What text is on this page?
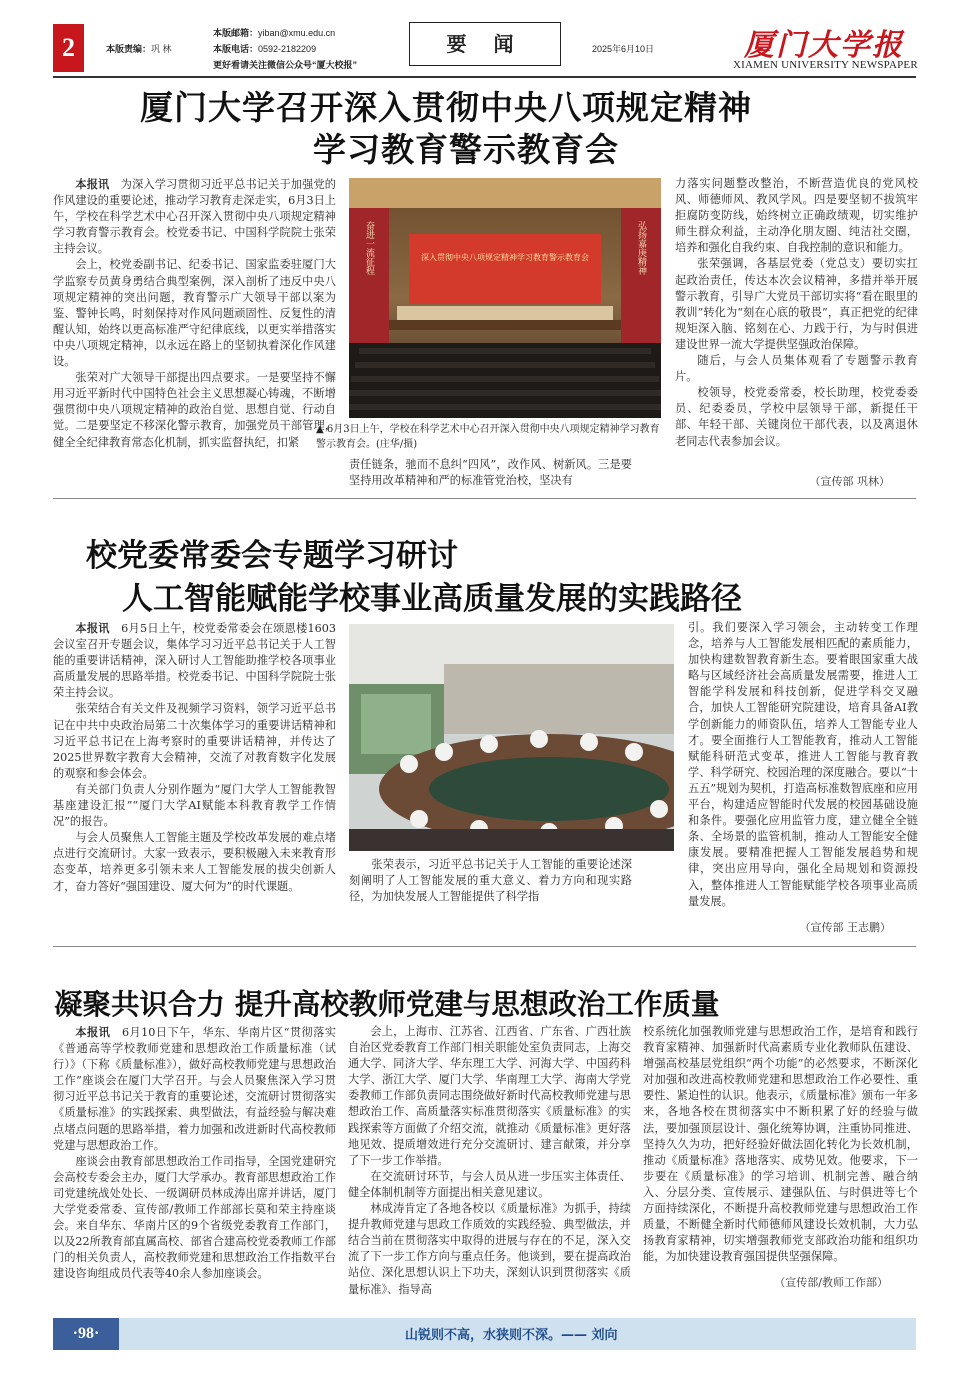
2	本版责编：巩 林
本版邮箱：yiban@xmu.edu.cn
本版电话：0592-2182209
更好看请关注微信公众号“厦大校报”
要 闻	2025年6月10日	厦门大学报
XIAMEN UNIVERSITY NEWSPAPER
厦门大学召开深入贯彻中央八项规定精神
学习教育警示教育会

本报讯　 为深入学习贯彻习近平总书记关于加强党的作风建设的重要论述，推动学习教育走深走实，6月3日上午，学校在科学艺术中心召开深入贯彻中央八项规定精神学习教育警示教育会。校党委书记、中国科学院院士张荣主持会议。

会上，校党委副书记、纪委书记、国家监委驻厦门大学监察专员黄身勇结合典型案例，深入剖析了违反中央八项规定精神的突出问题，教育警示广大领导干部以案为鉴、警钟长鸣，时刻保持对作风问题顽固性、反复性的清醒认知，始终以更高标准严守纪律底线，以更实举措落实中央八项规定精神，以永远在路上的坚韧执着深化作风建设。

张荣对广大领导干部提出四点要求。一是要坚持不懈用习近平新时代中国特色社会主义思想凝心铸魂，不断增强贯彻中央八项规定精神的政治自觉、思想自觉、行动自觉。二是要坚定不移深化警示教育，加强党员干部管理，健全全纪律教育常态化机制，抓实监督执纪，扣紧

深入贯彻中央八项规定精神学习教育警示教育会
奋进一流征程	弘扬嘉庚精神
▲ 6月3日上午，学校在科学艺术中心召开深入贯彻中央八项规定精神学习教育警示教育会。(庄华/摄)

责任链条，驰而不息纠“四风”，改作风、树新风。三是要坚持用改革精神和严的标准管党治校，坚决有

力落实问题整改整治，不断营造优良的党风校风、师德师风、教风学风。四是要坚韧不拔筑牢拒腐防变防线，始终树立正确政绩观，切实维护师生群众利益，主动净化朋友圈、纯洁社交圈，培养和强化自我约束、自我控制的意识和能力。

张荣强调，各基层党委（党总支）要切实扛起政治责任，传达本次会议精神，多措并举开展警示教育，引导广大党员干部切实将“看在眼里的教训”转化为“刻在心底的敬畏”，真正把党的纪律规矩深入脑、铭刻在心、力践于行，为与时俱进建设世界一流大学提供坚强政治保障。

随后，与会人员集体观看了专题警示教育片。

校领导，校党委常委，校长助理，校党委委员、纪委委员，学校中层领导干部，新提任干部、年轻干部、关键岗位干部代表，以及离退休老同志代表参加会议。

（宣传部 巩林）
校党委常委会专题学习研讨
人工智能赋能学校事业高质量发展的实践路径

本报讯　 6月5日上午，校党委常委会在颂恩楼1603会议室召开专题会议，集体学习习近平总书记关于人工智能的重要讲话精神，深入研讨人工智能助推学校各项事业高质量发展的思路举措。校党委书记、中国科学院院士张荣主持会议。

张荣结合有关文件及视频学习资料，领学习近平总书记在中共中央政治局第二十次集体学习的重要讲话精神和习近平总书记在上海考察时的重要讲话精神，并传达了2025世界数字教育大会精神，交流了对教育数字化发展的观察和参会体会。

有关部门负责人分别作题为“厦门大学人工智能教智基座建设汇报”“厦门大学AI赋能本科教育教学工作情况”的报告。

与会人员聚焦人工智能主题及学校改革发展的难点堵点进行交流研讨。大家一致表示，要积极融入未来教育形态变革，培养更多引领未来人工智能发展的拔尖创新人才，奋力答好“强国建设、厦大何为”的时代课题。

张荣表示，习近平总书记关于人工智能的重要论述深刻阐明了人工智能发展的重大意义、着力方向和现实路径，为加快发展人工智能提供了科学指

引。我们要深入学习领会，主动转变工作理念，培养与人工智能发展相匹配的素质能力，加快构建数智教育新生态。要着眼国家重大战略与区域经济社会高质量发展需要，推进人工智能学科发展和科技创新，促进学科交叉融合，加快人工智能研究院建设，培育具备AI教学创新能力的师资队伍，培养人工智能专业人才。要全面推行人工智能教育，推动人工智能赋能科研范式变革，推进人工智能与教育教学、科学研究、校园治理的深度融合。要以“十五五”规划为契机，打造高标准数智底座和应用平台，构建适应智能时代发展的校园基础设施和条件。要强化应用监管力度，建立健全全链条、全场景的监管机制，推动人工智能安全健康发展。要精准把握人工智能发展趋势和规律，突出应用导向，强化全局规划和资源投入，整体推进人工智能赋能学校各项事业高质量发展。

（宣传部 王志鹏）
凝聚共识合力 提升高校教师党建与思想政治工作质量

本报讯　 6月10日下午，华东、华南片区“贯彻落实《普通高等学校教师党建和思想政治工作质量标准（试行）》（下称《质量标准》），做好高校教师党建与思想政治工作”座谈会在厦门大学召开。与会人员聚焦深入学习贯彻习近平总书记关于教育的重要论述，交流研讨贯彻落实《质量标准》的实践探索、典型做法，有益经验与解决难点堵点问题的思路举措，着力加强和改进新时代高校教师党建与思想政治工作。

座谈会由教育部思想政治工作司指导，全国党建研究会高校专委会主办，厦门大学承办。教育部思想政治工作司党建统战处处长、一级调研员林成涛出席并讲话，厦门大学党委常委、宣传部/教师工作部部长莫和荣主持座谈会。来自华东、华南片区的9个省级党委教育工作部门，以及22所教育部直属高校、部省合建高校党委教师工作部门的相关负责人，高校教师党建和思想政治工作指数平台建设咨询组成员代表等40余人参加座谈会。

会上，上海市、江苏省、江西省、广东省、广西壮族自治区党委教育工作部门相关职能处室负责同志，上海交通大学、同济大学、华东理工大学、河海大学、中国药科大学、浙江大学、厦门大学、华南理工大学、海南大学党委教师工作部负责同志围绕做好新时代高校教师党建与思想政治工作、高质量落实标准贯彻落实《质量标准》的实践探索等方面做了介绍交流，就推动《质量标准》更好落地见效、提质增效进行充分交流研讨、建言献策，并分享了下一步工作举措。

在交流研讨环节，与会人员从进一步压实主体责任、健全体制机制等方面提出相关意见建议。

林成涛肯定了各地各校以《质量标准》为抓手，持续提升教师党建与思政工作质效的实践经验、典型做法，并结合当前在贯彻落实中取得的进展与存在的不足，深入交流了下一步工作方向与重点任务。他谈到，要在提高政治站位、深化思想认识上下功夫，深刻认识到贯彻落实《质量标准》、指导高

校系统化加强教师党建与思想政治工作，是培育和践行教育家精神、加强新时代高素质专业化教师队伍建设、增强高校基层党组织“两个功能”的必然要求，不断深化对加强和改进高校教师党建和思想政治工作必要性、重要性、紧迫性的认识。他表示，《质量标准》颁布一年多来，各地各校在贯彻落实中不断积累了好的经验与做法，要加强顶层设计、强化统筹协调，注重协同推进、坚持久久为功，把好经验好做法固化转化为长效机制，推动《质量标准》落地落实、成势见效。他要求，下一步要在《质量标准》的学习培训、机制完善、融合纳入、分层分类、宣传展示、建强队伍、与时俱进等七个方面持续深化，不断提升高校教师党建与思想政治工作质量，不断健全新时代师德师风建设长效机制，大力弘扬教育家精神，切实增强教师党支部政治功能和组织功能，为加快建设教育强国提供坚强保障。

（宣传部/教师工作部）
·98·	山锐则不高，水狭则不深。—— 刘向
